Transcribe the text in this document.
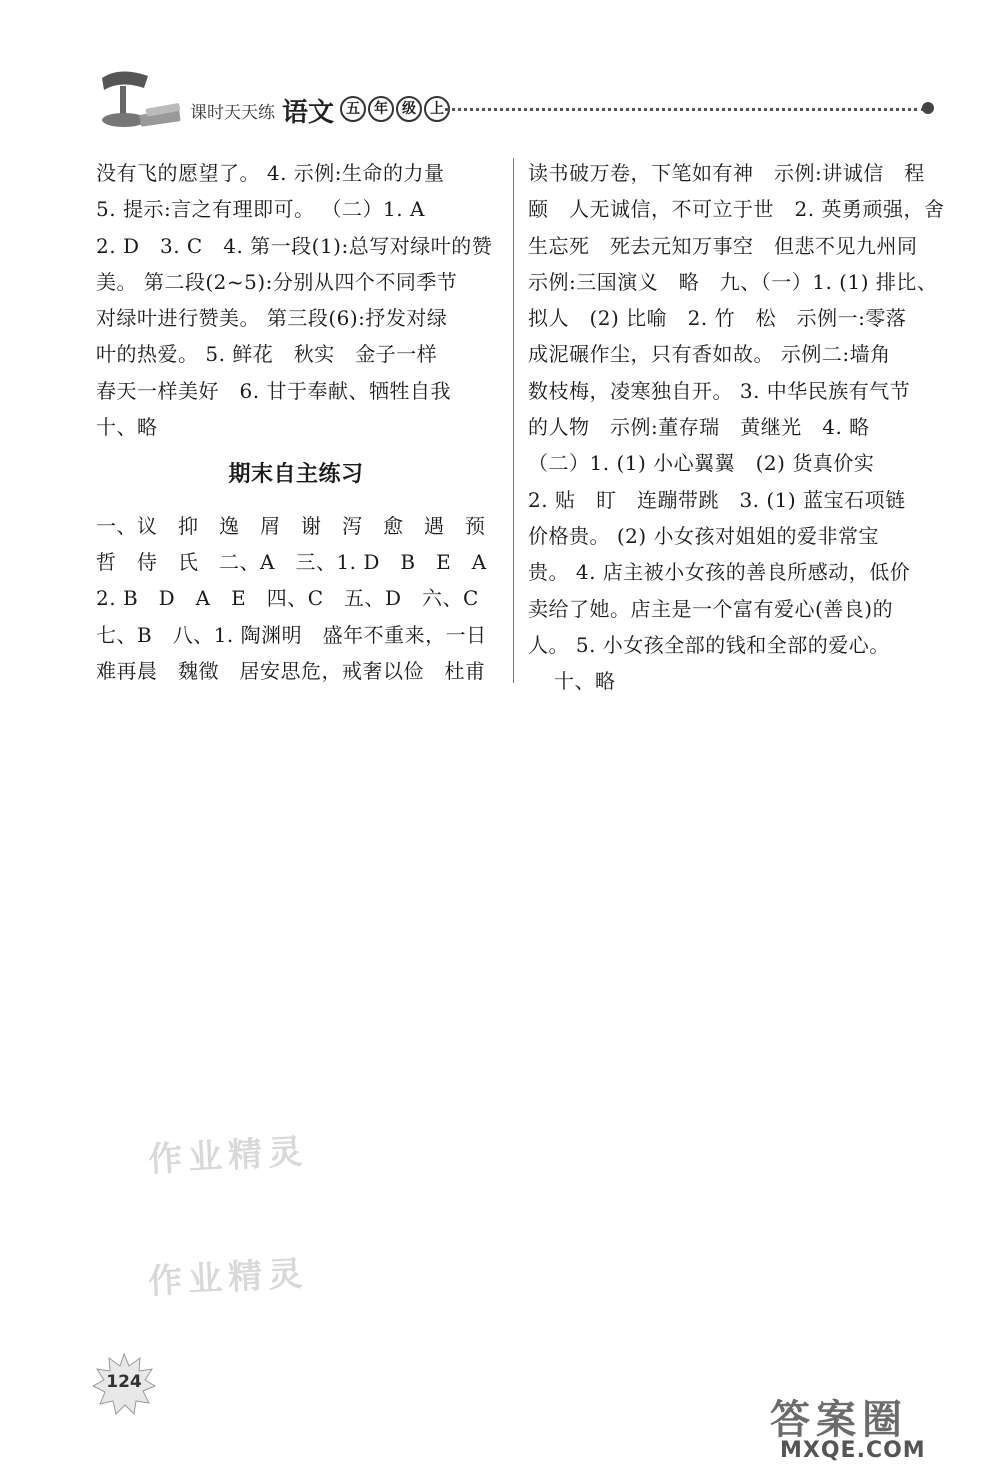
课时天天练 语文 五	年	级	上

没有飞的愿望了。 4. 示例:生命的力量

5. 提示:言之有理即可。 （二）1. A

2. D　3. C　4. 第一段(1):总写对绿叶的赞

美。 第二段(2~5):分别从四个不同季节

对绿叶进行赞美。 第三段(6):抒发对绿

叶的热爱。 5. 鲜花　秋实　金子一样

春天一样美好　6. 甘于奉献、牺牲自我

十、略

期末自主练习

一、议　抑　逸　屑　谢　泻　愈　遇　预

哲　侍　氏　二、A　三、1. D　B　E　A

2. B　D　A　E　四、C　五、D　六、C

七、B　八、1. 陶渊明　盛年不重来，一日

难再晨　魏徵　居安思危，戒奢以俭　杜甫

读书破万卷，下笔如有神　示例:讲诚信　程

颐　人无诚信，不可立于世　2. 英勇顽强，舍

生忘死　死去元知万事空　但悲不见九州同

示例:三国演义　略　九、（一）1. (1) 排比、

拟人　(2) 比喻　2. 竹　松　示例一:零落

成泥碾作尘，只有香如故。 示例二:墙角

数枝梅，凌寒独自开。 3. 中华民族有气节

的人物　示例:董存瑞　黄继光　4. 略

（二）1. (1) 小心翼翼　(2) 货真价实

2. 贴　盯　连蹦带跳　3. (1) 蓝宝石项链

价格贵。 (2) 小女孩对姐姐的爱非常宝

贵。 4. 店主被小女孩的善良所感动，低价

卖给了她。店主是一个富有爱心(善良)的

人。 5. 小女孩全部的钱和全部的爱心。

十、略

作业精灵
作业精灵
124
答案圈
MXQE.COM
